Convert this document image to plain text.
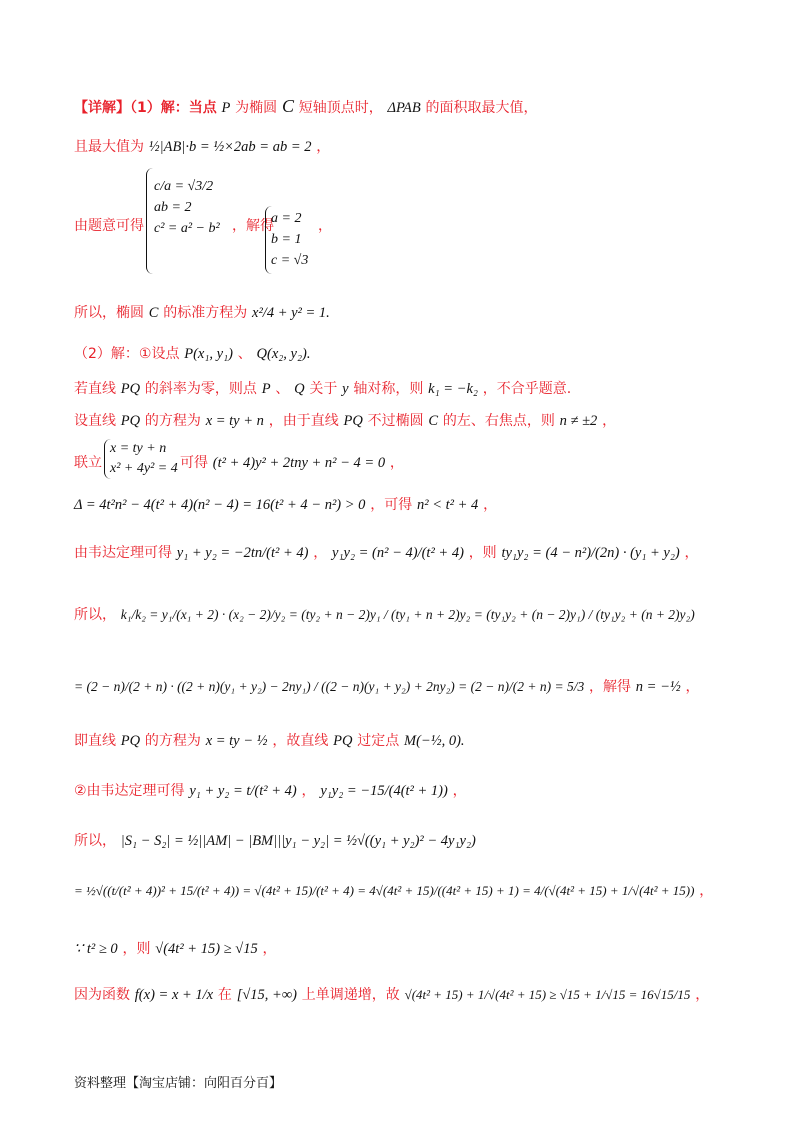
【详解】（1）解：当点 P 为椭圆 C 短轴顶点时， ΔPAB 的面积取最大值，
且最大值为 ½|AB|·b = ½×2ab = ab = 2 ，
由题意可得
c/a = √3/2
ab = 2
c² = a² − b² ，解得
a = 2
b = 1
c = √3
，
所以，椭圆 C 的标准方程为 x²/4 + y² = 1.
（2）解：①设点 P(x₁, y₁) 、 Q(x₂, y₂).
若直线 PQ 的斜率为零，则点 P 、 Q 关于 y 轴对称，则 k₁ = −k₂ ，不合乎题意.
设直线 PQ 的方程为 x = ty + n ，由于直线 PQ 不过椭圆 C 的左、右焦点，则 n ≠ ±2 ，
联立
x = ty + n
x² + 4y² = 4 可得 (t² + 4)y² + 2tny + n² − 4 = 0 ，
Δ = 4t²n² − 4(t² + 4)(n² − 4) = 16(t² + 4 − n²) > 0 ，可得 n² < t² + 4 ，
由韦达定理可得 y₁ + y₂ = −2tn/(t² + 4) ， y₁y₂ = (n² − 4)/(t² + 4) ，则 ty₁y₂ = (4 − n²)/(2n) · (y₁ + y₂) ，
所以， k₁/k₂ = y₁/(x₁ + 2) · (x₂ − 2)/y₂ = (ty₂ + n − 2)y₁ / (ty₁ + n + 2)y₂ = (ty₁y₂ + (n − 2)y₁) / (ty₁y₂ + (n + 2)y₂)
= (2 − n)/(2 + n) · ((2 + n)(y₁ + y₂) − 2ny₁) / ((2 − n)(y₁ + y₂) + 2ny₂) = (2 − n)/(2 + n) = 5/3 ，解得 n = −½ ，
即直线 PQ 的方程为 x = ty − ½ ，故直线 PQ 过定点 M(−½, 0).
②由韦达定理可得 y₁ + y₂ = t/(t² + 4) ， y₁y₂ = −15/(4(t² + 1)) ，
所以， |S₁ − S₂| = ½||AM| − |BM|||y₁ − y₂| = ½√((y₁ + y₂)² − 4y₁y₂)
= ½√((t/(t² + 4))² + 15/(t² + 4)) = √(4t² + 15)/(t² + 4) = 4√(4t² + 15)/((4t² + 15) + 1) = 4/(√(4t² + 15) + 1/√(4t² + 15)) ，
∵ t² ≥ 0 ，则 √(4t² + 15) ≥ √15 ，
因为函数 f(x) = x + 1/x 在 [√15, +∞) 上单调递增，故 √(4t² + 15) + 1/√(4t² + 15) ≥ √15 + 1/√15 = 16√15/15 ，
资料整理【淘宝店铺：向阳百分百】
